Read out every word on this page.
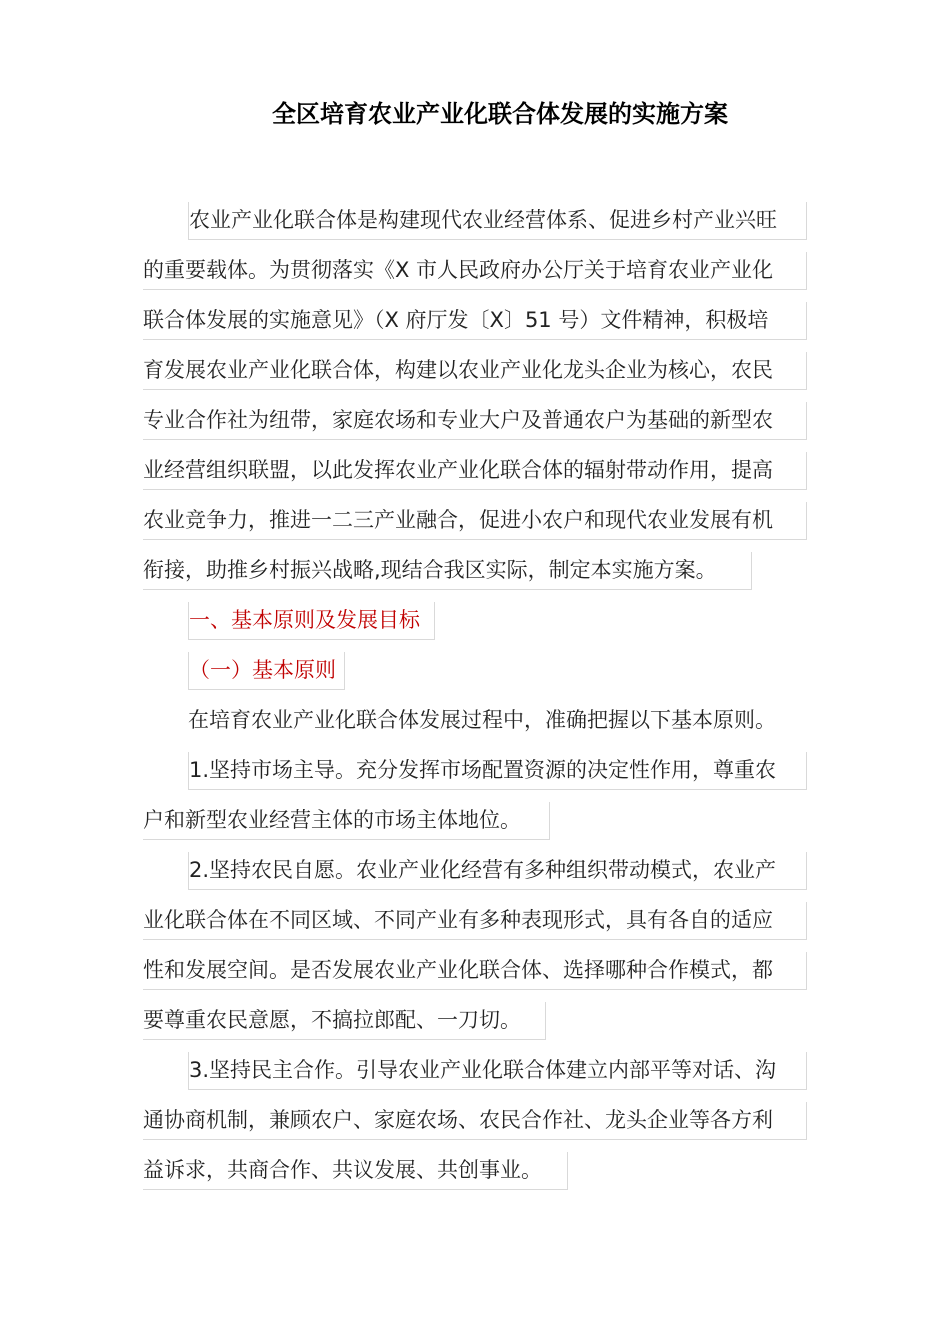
全区培育农业产业化联合体发展的实施方案
农业产业化联合体是构建现代农业经营体系、促进乡村产业兴旺
的重要载体。为贯彻落实《X 市人民政府办公厅关于培育农业产业化
联合体发展的实施意见》（X 府厅发〔X〕51 号）文件精神，积极培
育发展农业产业化联合体，构建以农业产业化龙头企业为核心，农民
专业合作社为纽带，家庭农场和专业大户及普通农户为基础的新型农
业经营组织联盟，以此发挥农业产业化联合体的辐射带动作用，提高
农业竞争力，推进一二三产业融合，促进小农户和现代农业发展有机
衔接，助推乡村振兴战略,现结合我区实际，制定本实施方案。
一、基本原则及发展目标
（一）基本原则
在培育农业产业化联合体发展过程中，准确把握以下基本原则。
1.坚持市场主导。充分发挥市场配置资源的决定性作用，尊重农
户和新型农业经营主体的市场主体地位。
2.坚持农民自愿。农业产业化经营有多种组织带动模式，农业产
业化联合体在不同区域、不同产业有多种表现形式，具有各自的适应
性和发展空间。是否发展农业产业化联合体、选择哪种合作模式，都
要尊重农民意愿，不搞拉郎配、一刀切。
3.坚持民主合作。引导农业产业化联合体建立内部平等对话、沟
通协商机制，兼顾农户、家庭农场、农民合作社、龙头企业等各方利
益诉求，共商合作、共议发展、共创事业。
